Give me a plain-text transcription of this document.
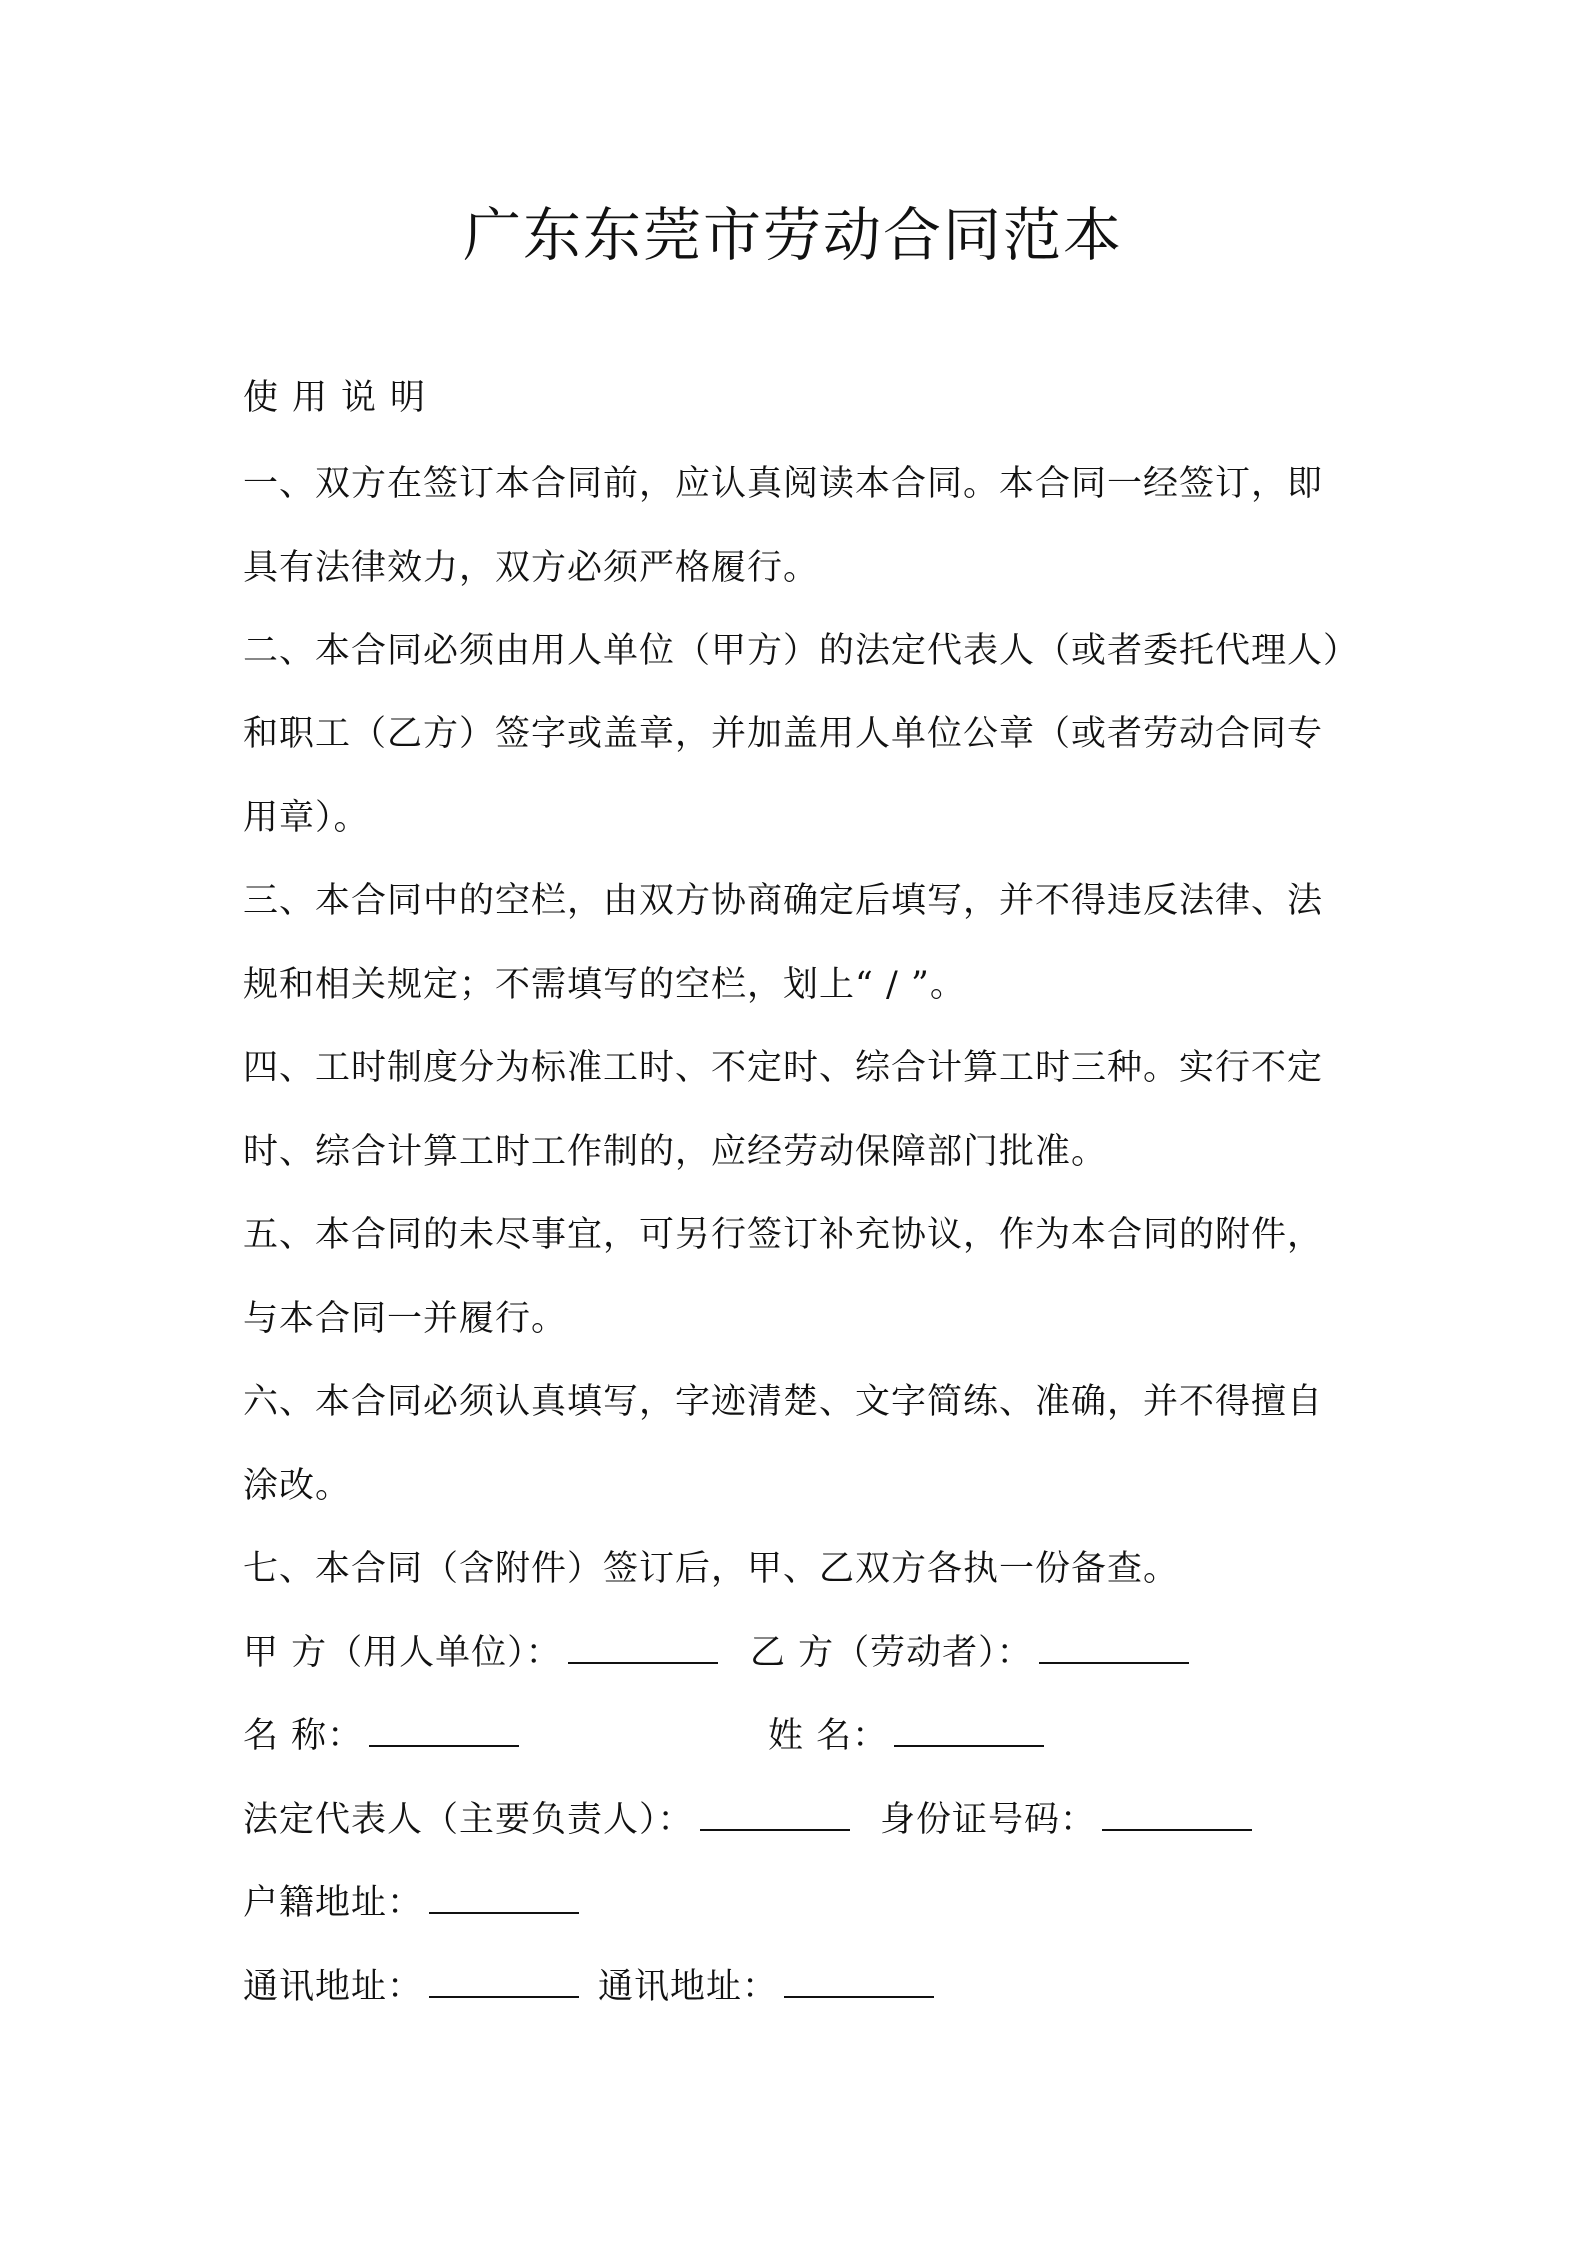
广东东莞市劳动合同范本
使用说明
一、双方在签订本合同前，应认真阅读本合同。本合同一经签订，即
具有法律效力，双方必须严格履行。
二、本合同必须由用人单位（甲方）的法定代表人（或者委托代理人）
和职工（乙方）签字或盖章，并加盖用人单位公章（或者劳动合同专
用章）。
三、本合同中的空栏，由双方协商确定后填写，并不得违反法律、法
规和相关规定；不需填写的空栏，划上“ / ”。
四、工时制度分为标准工时、不定时、综合计算工时三种。实行不定
时、综合计算工时工作制的，应经劳动保障部门批准。
五、本合同的未尽事宜，可另行签订补充协议，作为本合同的附件，
与本合同一并履行。
六、本合同必须认真填写，字迹清楚、文字简练、准确，并不得擅自
涂改。
七、本合同（含附件）签订后，甲、乙双方各执一份备查。
甲 方（用人单位）：	乙 方（劳动者）：
名 称：	姓 名：
法定代表人（主要负责人）：	身份证号码：
户籍地址：
通讯地址：	通讯地址：
